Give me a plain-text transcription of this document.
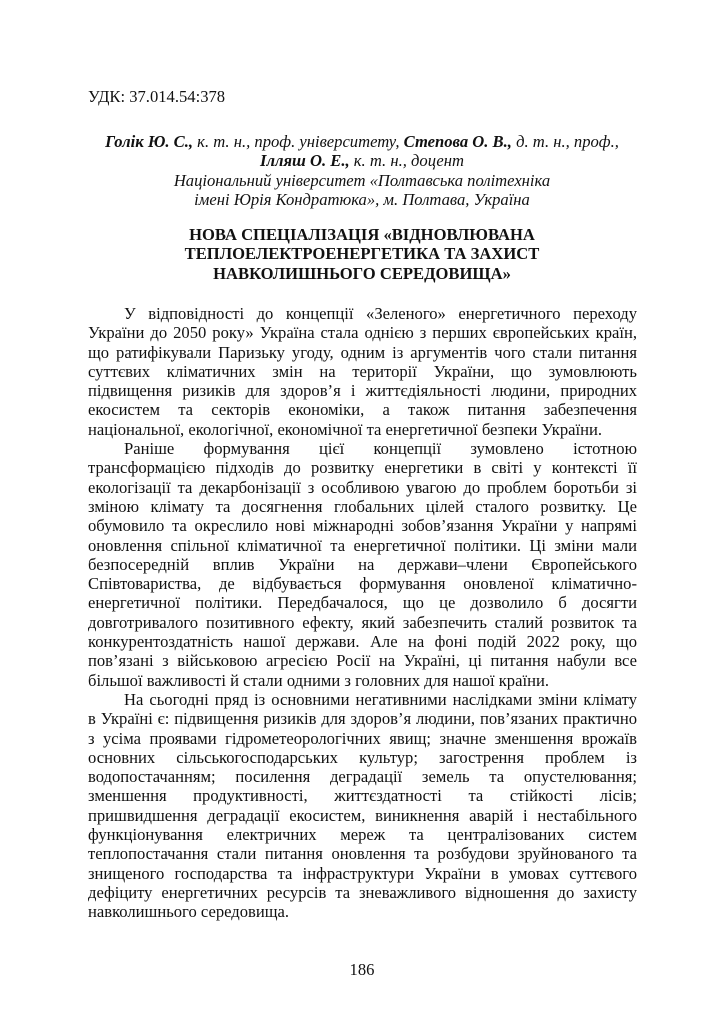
УДК: 37.014.54:378
Голік Ю. С., к. т. н., проф. університету, Степова О. В., д. т. н., проф.,
Ілляш О. Е., к. т. н., доцент
Національний університет «Полтавська політехніка
імені Юрія Кондратюка», м. Полтава, Україна
НОВА СПЕЦІАЛІЗАЦІЯ «ВІДНОВЛЮВАНА
ТЕПЛОЕЛЕКТРОЕНЕРГЕТИКА ТА ЗАХИСТ
НАВКОЛИШНЬОГО СЕРЕДОВИЩА»
У відповідності до концепції «Зеленого» енергетичного переходу
України до 2050 року» Україна стала однією з перших європейських країн,
що ратифікували Паризьку угоду, одним із аргументів чого стали питання
суттєвих кліматичних змін на території України, що зумовлюють
підвищення ризиків для здоров’я і життєдіяльності людини, природних
екосистем та секторів економіки, а також питання забезпечення
національної, екологічної, економічної та енергетичної безпеки України.
Раніше формування цієї концепції зумовлено істотною
трансформацією підходів до розвитку енергетики в світі у контексті її
екологізації та декарбонізації з особливою увагою до проблем боротьби зі
зміною клімату та досягнення глобальних цілей сталого розвитку. Це
обумовило та окреслило нові міжнародні зобов’язання України у напрямі
оновлення спільної кліматичної та енергетичної політики. Ці зміни мали
безпосередній вплив України на держави–члени Європейського
Співтовариства, де відбувається формування оновленої кліматично-
енергетичної політики. Передбачалося, що це дозволило б досягти
довготривалого позитивного ефекту, який забезпечить сталий розвиток та
конкурентоздатність нашої держави. Але на фоні подій 2022 року, що
пов’язані з військовою агресією Росії на Україні, ці питання набули все
більшої важливості й стали одними з головних для нашої країни.
На сьогодні пряд із основними негативними наслідками зміни клімату
в Україні є: підвищення ризиків для здоров’я людини, пов’язаних практично
з усіма проявами гідрометеорологічних явищ; значне зменшення врожаїв
основних сільськогосподарських культур; загострення проблем із
водопостачанням; посилення деградації земель та опустелювання;
зменшення продуктивності, життєздатності та стійкості лісів;
пришвидшення деградації екосистем, виникнення аварій і нестабільного
функціонування електричних мереж та централізованих систем
теплопостачання стали питання оновлення та розбудови зруйнованого та
знищеного господарства та інфраструктури України в умовах суттєвого
дефіциту енергетичних ресурсів та зневажливого відношення до захисту
навколишнього середовища.
186
